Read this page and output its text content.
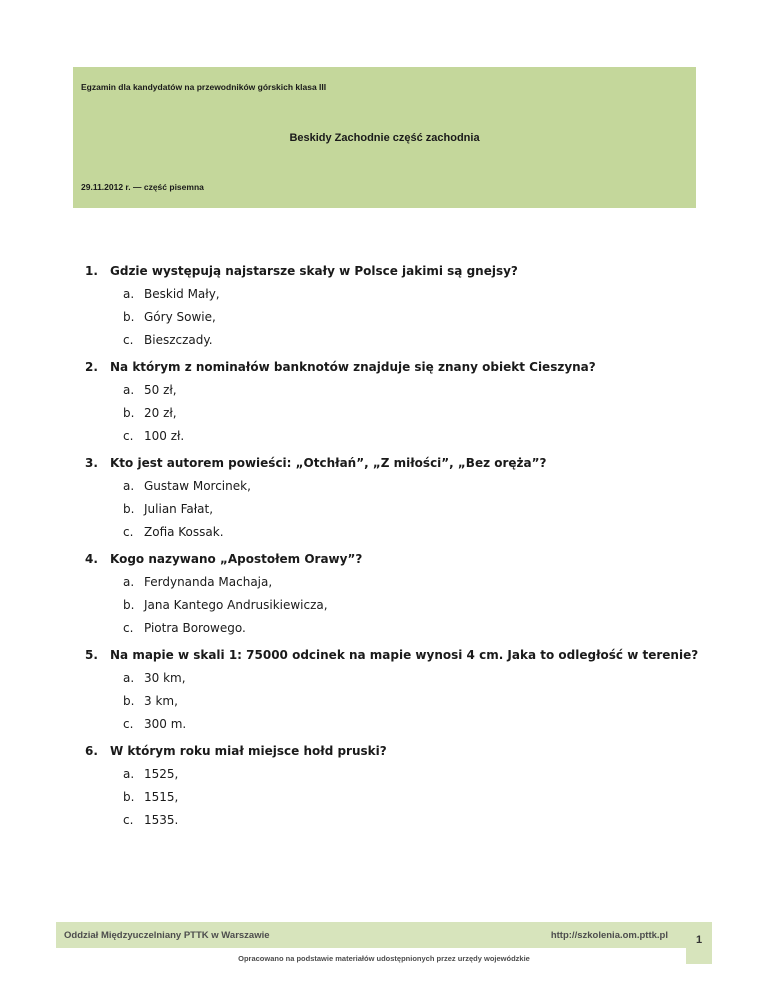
Egzamin dla kandydatów na przewodników górskich klasa III
Beskidy Zachodnie część zachodnia
29.11.2012 r. — część pisemna
1.	Gdzie występują najstarsze skały w Polsce jakimi są gnejsy?
a. Beskid Mały,
b. Góry Sowie,
c. Bieszczady.
2.	Na którym z nominałów banknotów znajduje się znany obiekt Cieszyna?
a. 50 zł,
b. 20 zł,
c. 100 zł.
3.	Kto jest autorem powieści: „Otchłań”, „Z miłości”, „Bez oręża”?
a. Gustaw Morcinek,
b. Julian Fałat,
c. Zofia Kossak.
4.	Kogo nazywano „Apostołem Orawy”?
a. Ferdynanda Machaja,
b. Jana Kantego Andrusikiewicza,
c. Piotra Borowego.
5.	Na mapie w skali 1: 75000 odcinek na mapie wynosi 4 cm. Jaka to odległość w terenie?
a. 30 km,
b. 3 km,
c. 300 m.
6.	W którym roku miał miejsce hołd pruski?
a. 1525,
b. 1515,
c. 1535.
Oddział Międzyuczelniany PTTK w Warszawie	http://szkolenia.om.pttk.pl	1
Opracowano na podstawie materiałów udostępnionych przez urzędy wojewódzkie
